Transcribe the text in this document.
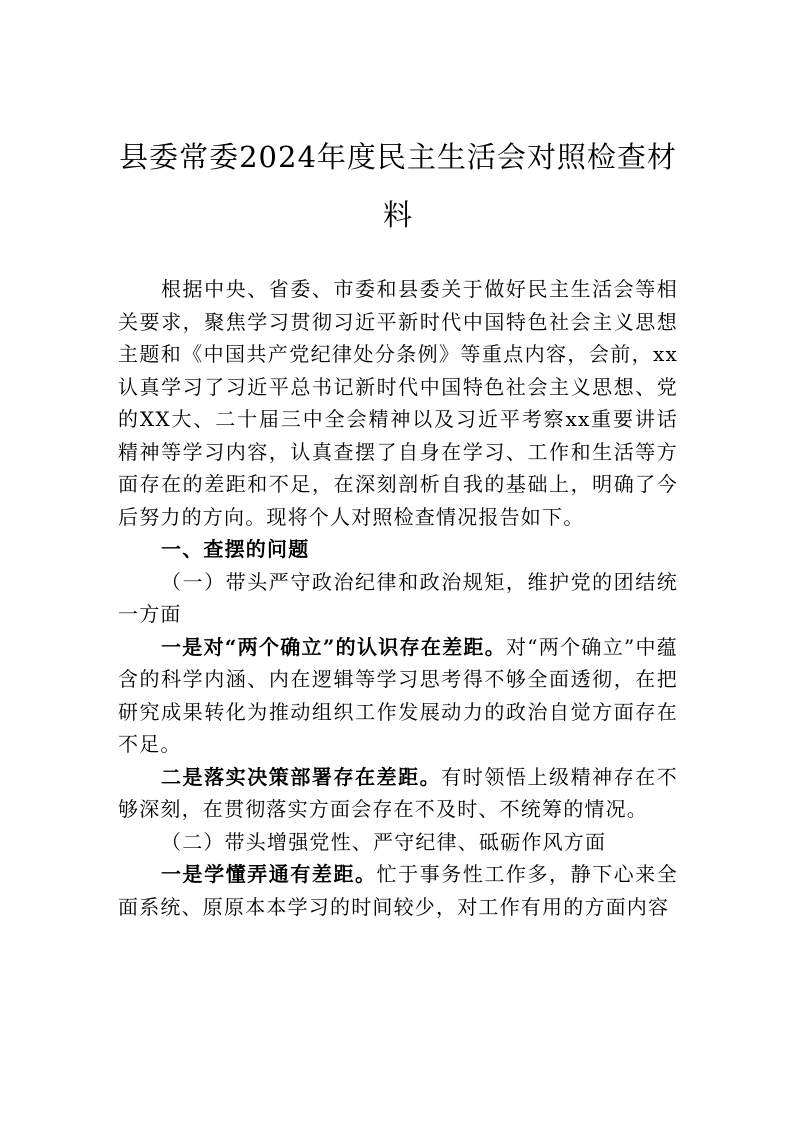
县委常委2024年度民主生活会对照检查材料

根据中央、省委、市委和县委关于做好民主生活会等相关要求，聚焦学习贯彻习近平新时代中国特色社会主义思想主题和《中国共产党纪律处分条例》等重点内容，会前，xx认真学习了习近平总书记新时代中国特色社会主义思想、党的XX大、二十届三中全会精神以及习近平考察xx重要讲话精神等学习内容，认真查摆了自身在学习、工作和生活等方面存在的差距和不足，在深刻剖析自我的基础上，明确了今后努力的方向。现将个人对照检查情况报告如下。

一、查摆的问题

（一）带头严守政治纪律和政治规矩，维护党的团结统一方面

一是对“两个确立”的认识存在差距。对“两个确立”中蕴含的科学内涵、内在逻辑等学习思考得不够全面透彻，在把研究成果转化为推动组织工作发展动力的政治自觉方面存在不足。

二是落实决策部署存在差距。有时领悟上级精神存在不够深刻，在贯彻落实方面会存在不及时、不统筹的情况。

（二）带头增强党性、严守纪律、砥砺作风方面

一是学懂弄通有差距。忙于事务性工作多，静下心来全面系统、原原本本学习的时间较少，对工作有用的方面内容
